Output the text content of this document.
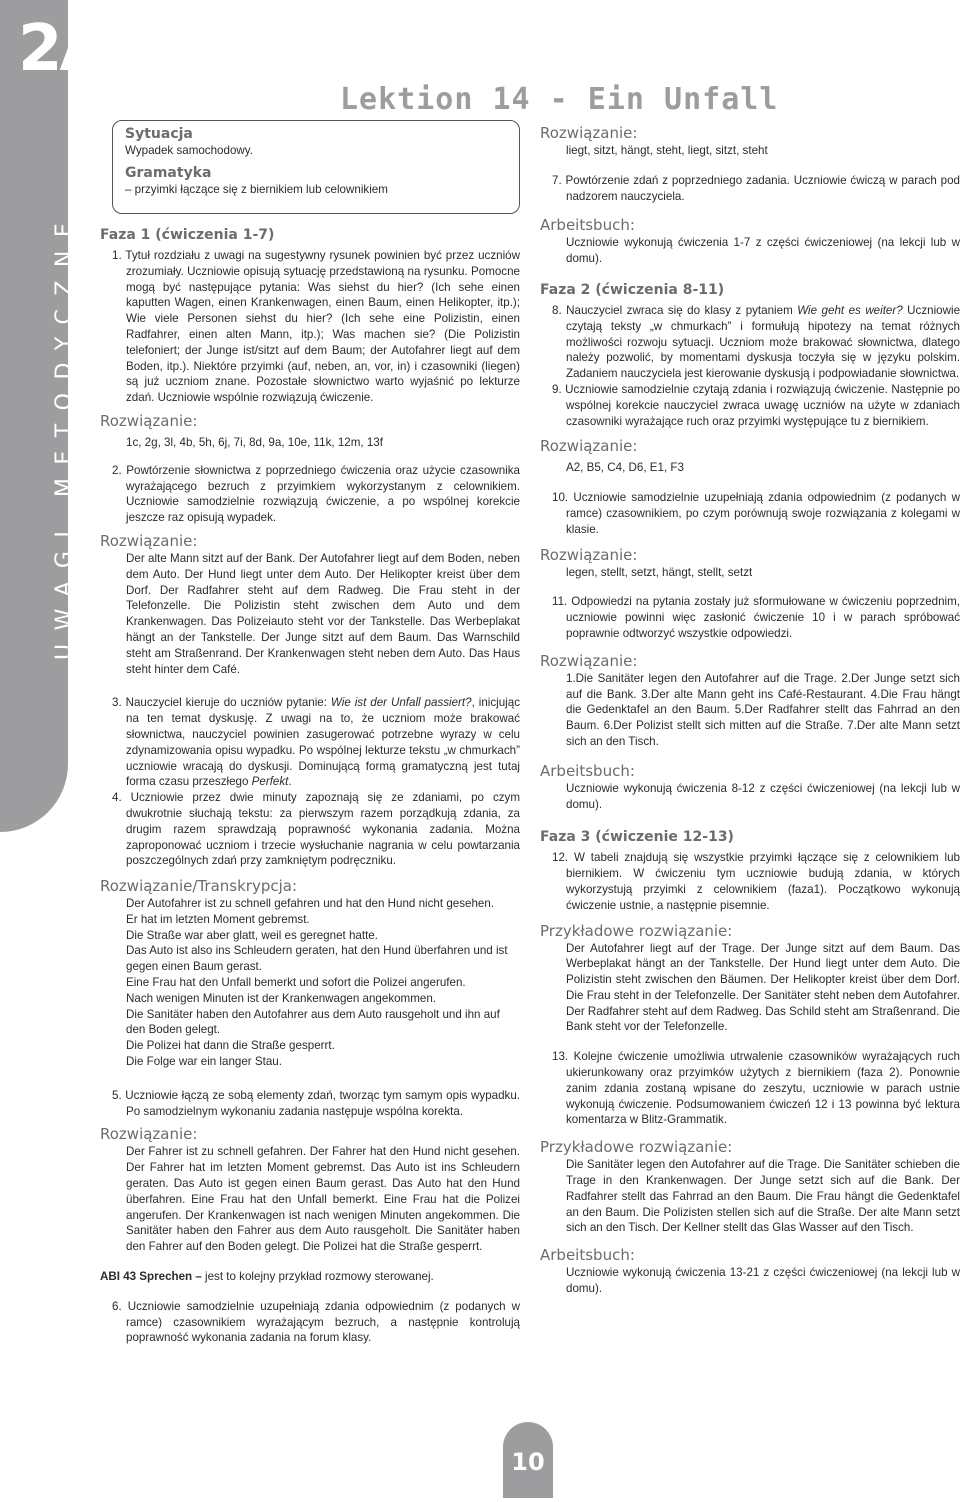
2A
UWAGI METODYCZNE
Lektion 14 - Ein Unfall
Sytuacja
Wypadek samochodowy.
Gramatyka
– przyimki łączące się z biernikiem lub celownikiem
Faza 1 (ćwiczenia 1-7)
1. Tytuł rozdziału z uwagi na sugestywny rysunek powinien być przez uczniów zrozumiały. Uczniowie opisują sytuację przedstawioną na rysunku. Pomocne mogą być następujące pytania: Was siehst du hier? (Ich sehe einen kaputten Wagen, einen Krankenwagen, einen Baum, einen Helikopter, itp.); Wie viele Personen siehst du hier? (Ich sehe eine Polizistin, einen Radfahrer, einen alten Mann, itp.); Was machen sie? (Die Polizistin telefoniert; der Junge ist/sitzt auf dem Baum; der Autofahrer liegt auf dem Boden, itp.). Niektóre przyimki (auf, neben, an, vor, in) i czasowniki (liegen) są już uczniom znane. Pozostałe słownictwo warto wyjaśnić po lekturze zdań. Uczniowie wspólnie rozwiązują ćwiczenie.
Rozwiązanie:
1c, 2g, 3l, 4b, 5h, 6j, 7i, 8d, 9a, 10e, 11k, 12m, 13f
2. Powtórzenie słownictwa z poprzedniego ćwiczenia oraz użycie czasownika wyrażającego bezruch z przyimkiem wykorzystanym z celownikiem. Uczniowie samodzielnie rozwiązują ćwiczenie, a po wspólnej korekcie jeszcze raz opisują wypadek.
Rozwiązanie:
Der alte Mann sitzt auf der Bank. Der Autofahrer liegt auf dem Boden, neben dem Auto. Der Hund liegt unter dem Auto. Der Helikopter kreist über dem Dorf. Der Radfahrer steht auf dem Radweg. Die Frau steht in der Telefonzelle. Die Polizistin steht zwischen dem Auto und dem Krankenwagen. Das Polizeiauto steht vor der Tankstelle. Das Werbeplakat hängt an der Tankstelle. Der Junge sitzt auf dem Baum. Das Warnschild steht am Straßenrand. Der Krankenwagen steht neben dem Auto. Das Haus steht hinter dem Café.
3. Nauczyciel kieruje do uczniów pytanie: Wie ist der Unfall passiert?, inicjując na ten temat dyskusję. Z uwagi na to, że uczniom może brakować słownictwa, nauczyciel powinien zasugerować potrzebne wyrazy w celu zdynamizowania opisu wypadku. Po wspólnej lekturze tekstu „w chmurkach” uczniowie wracają do dyskusji. Dominującą formą gramatyczną jest tutaj forma czasu przeszłego Perfekt.
4. Uczniowie przez dwie minuty zapoznają się ze zdaniami, po czym dwukrotnie słuchają tekstu: za pierwszym razem porządkują zdania, za drugim razem sprawdzają poprawność wykonania zadania. Można zaproponować uczniom i trzecie wysłuchanie nagrania w celu powtarzania poszczególnych zdań przy zamkniętym podręczniku.
Rozwiązanie/Transkrypcja:
Der Autofahrer ist zu schnell gefahren und hat den Hund nicht gesehen.
Er hat im letzten Moment gebremst.
Die Straße war aber glatt, weil es geregnet hatte.
Das Auto ist also ins Schleudern geraten, hat den Hund überfahren und ist gegen einen Baum gerast.
Eine Frau hat den Unfall bemerkt und sofort die Polizei angerufen.
Nach wenigen Minuten ist der Krankenwagen angekommen.
Die Sanitäter haben den Autofahrer aus dem Auto rausgeholt und ihn auf den Boden gelegt.
Die Polizei hat dann die Straße gesperrt.
Die Folge war ein langer Stau.
5. Uczniowie łączą ze sobą elementy zdań, tworząc tym samym opis wypadku. Po samodzielnym wykonaniu zadania następuje wspólna korekta.
Rozwiązanie:
Der Fahrer ist zu schnell gefahren. Der Fahrer hat den Hund nicht gesehen. Der Fahrer hat im letzten Moment gebremst. Das Auto ist ins Schleudern geraten. Das Auto ist gegen einen Baum gerast. Das Auto hat den Hund überfahren. Eine Frau hat den Unfall bemerkt. Eine Frau hat die Polizei angerufen. Der Krankenwagen ist nach wenigen Minuten angekommen. Die Sanitäter haben den Fahrer aus dem Auto rausgeholt. Die Sanitäter haben den Fahrer auf den Boden gelegt. Die Polizei hat die Straße gesperrt.
ABI 43 Sprechen – jest to kolejny przykład rozmowy sterowanej.
6. Uczniowie samodzielnie uzupełniają zdania odpowiednim (z podanych w ramce) czasownikiem wyrażającym bezruch, a następnie kontrolują poprawność wykonania zadania na forum klasy.
Rozwiązanie:
liegt, sitzt, hängt, steht, liegt, sitzt, steht
7. Powtórzenie zdań z poprzedniego zadania. Uczniowie ćwiczą w parach pod nadzorem nauczyciela.
Arbeitsbuch:
Uczniowie wykonują ćwiczenia 1-7 z części ćwiczeniowej (na lekcji lub w domu).
Faza 2 (ćwiczenia 8-11)
8. Nauczyciel zwraca się do klasy z pytaniem Wie geht es weiter? Uczniowie czytają teksty „w chmurkach” i formułują hipotezy na temat różnych możliwości rozwoju sytuacji. Uczniom może brakować słownictwa, dlatego należy pozwolić, by momentami dyskusja toczyła się w języku polskim. Zadaniem nauczyciela jest kierowanie dyskusją i podpowiadanie słownictwa.
9. Uczniowie samodzielnie czytają zdania i rozwiązują ćwiczenie. Następnie po wspólnej korekcie nauczyciel zwraca uwagę uczniów na użyte w zdaniach czasowniki wyrażające ruch oraz przyimki występujące tu z biernikiem.
Rozwiązanie:
A2, B5, C4, D6, E1, F3
10. Uczniowie samodzielnie uzupełniają zdania odpowiednim (z podanych w ramce) czasownikiem, po czym porównują swoje rozwiązania z kolegami w klasie.
Rozwiązanie:
legen, stellt, setzt, hängt, stellt, setzt
11. Odpowiedzi na pytania zostały już sformułowane w ćwiczeniu poprzednim, uczniowie powinni więc zasłonić ćwiczenie 10 i w parach spróbować poprawnie odtworzyć wszystkie odpowiedzi.
Rozwiązanie:
1.Die Sanitäter legen den Autofahrer auf die Trage. 2.Der Junge setzt sich auf die Bank. 3.Der alte Mann geht ins Café-Restaurant. 4.Die Frau hängt die Gedenktafel an den Baum. 5.Der Radfahrer stellt das Fahrrad an den Baum. 6.Der Polizist stellt sich mitten auf die Straße. 7.Der alte Mann setzt sich an den Tisch.
Arbeitsbuch:
Uczniowie wykonują ćwiczenia 8-12 z części ćwiczeniowej (na lekcji lub w domu).
Faza 3 (ćwiczenie 12-13)
12. W tabeli znajdują się wszystkie przyimki łączące się z celownikiem lub biernikiem. W ćwiczeniu tym uczniowie budują zdania, w których wykorzystują przyimki z celownikiem (faza1). Początkowo wykonują ćwiczenie ustnie, a następnie pisemnie.
Przykładowe rozwiązanie:
Der Autofahrer liegt auf der Trage. Der Junge sitzt auf dem Baum. Das Werbeplakat hängt an der Tankstelle. Der Hund liegt unter dem Auto. Die Polizistin steht zwischen den Bäumen. Der Helikopter kreist über dem Dorf. Die Frau steht in der Telefonzelle. Der Sanitäter steht neben dem Autofahrer. Der Radfahrer steht auf dem Radweg. Das Schild steht am Straßenrand. Die Bank steht vor der Telefonzelle.
13. Kolejne ćwiczenie umożliwia utrwalenie czasowników wyrażających ruch ukierunkowany oraz przyimków użytych z biernikiem (faza 2). Ponownie zanim zdania zostaną wpisane do zeszytu, uczniowie w parach ustnie wykonują ćwiczenie. Podsumowaniem ćwiczeń 12 i 13 powinna być lektura komentarza w Blitz-Grammatik.
Przykładowe rozwiązanie:
Die Sanitäter legen den Autofahrer auf die Trage. Die Sanitäter schieben die Trage in den Krankenwagen. Der Junge setzt sich auf die Bank. Der Radfahrer stellt das Fahrrad an den Baum. Die Frau hängt die Gedenktafel an den Baum. Die Polizisten stellen sich auf die Straße. Der alte Mann setzt sich an den Tisch. Der Kellner stellt das Glas Wasser auf den Tisch.
Arbeitsbuch:
Uczniowie wykonują ćwiczenia 13-21 z części ćwiczeniowej (na lekcji lub w domu).
10
